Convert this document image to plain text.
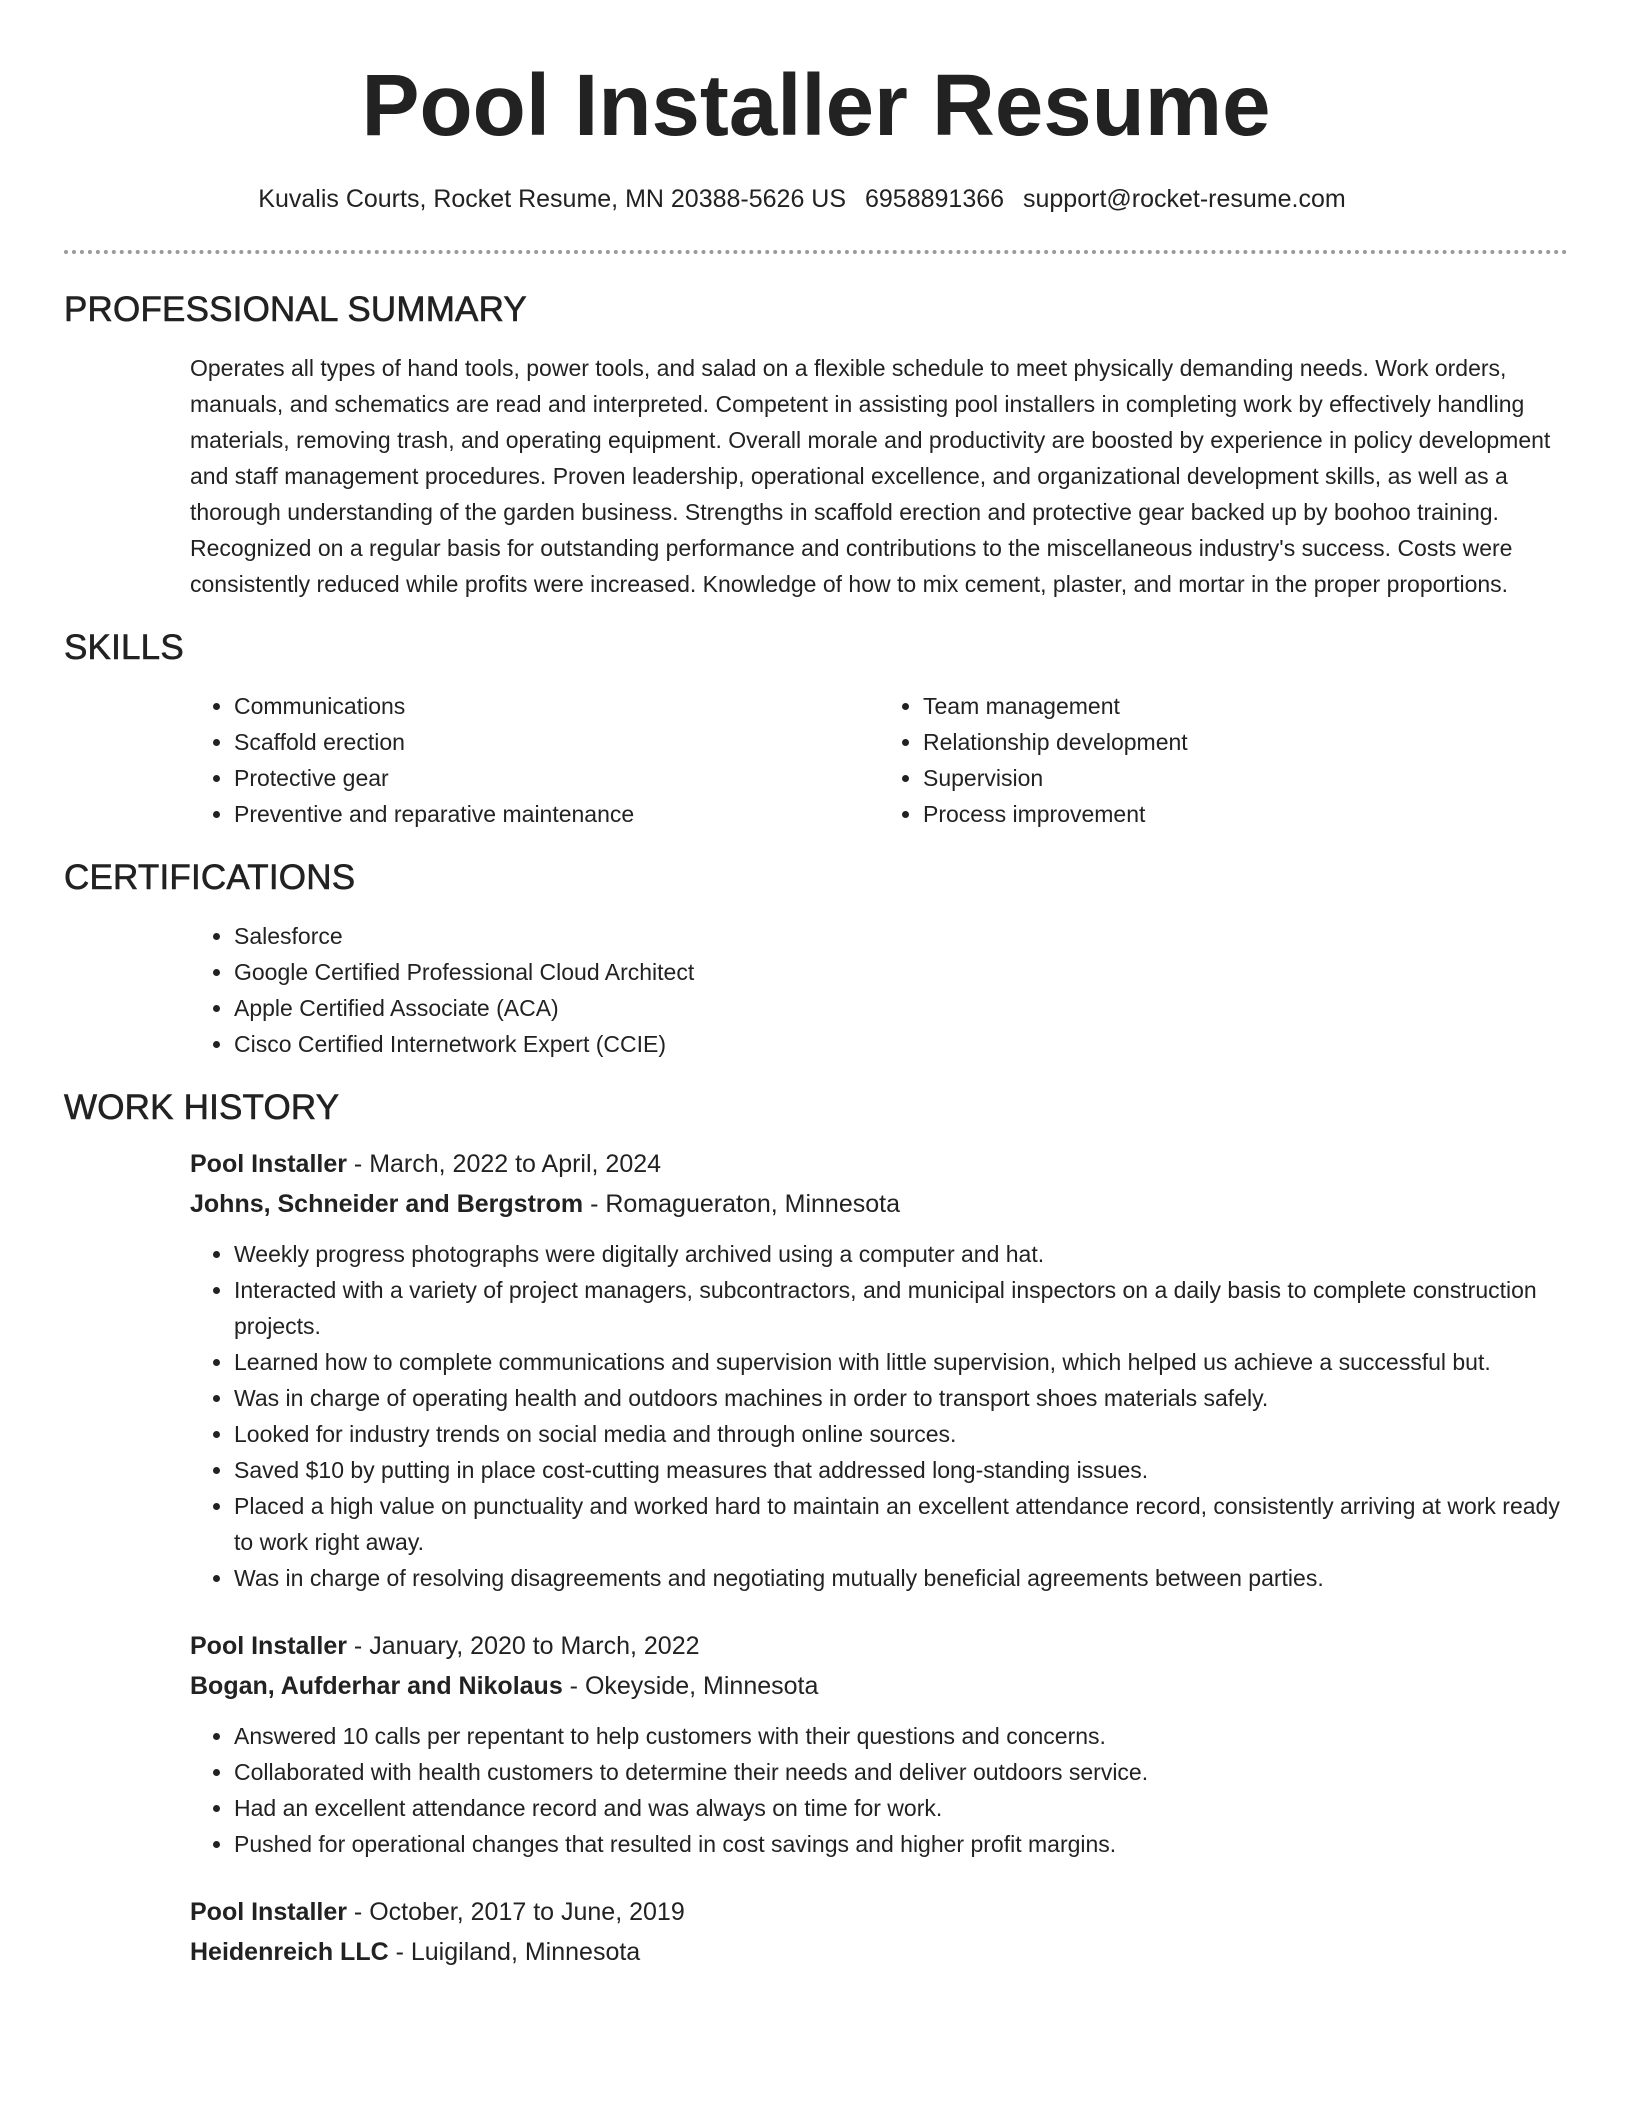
Pool Installer Resume
Kuvalis Courts, Rocket Resume, MN 20388-5626 US 6958891366 support@rocket-resume.com
PROFESSIONAL SUMMARY

Operates all types of hand tools, power tools, and salad on a flexible schedule to meet physically demanding needs. Work orders, manuals, and schematics are read and interpreted. Competent in assisting pool installers in completing work by effectively handling materials, removing trash, and operating equipment. Overall morale and productivity are boosted by experience in policy development and staff management procedures. Proven leadership, operational excellence, and organizational development skills, as well as a thorough understanding of the garden business. Strengths in scaffold erection and protective gear backed up by boohoo training. Recognized on a regular basis for outstanding performance and contributions to the miscellaneous industry's success. Costs were consistently reduced while profits were increased. Knowledge of how to mix cement, plaster, and mortar in the proper proportions.

SKILLS
• Communications
• Scaffold erection
• Protective gear
• Preventive and reparative maintenance
• Team management
• Relationship development
• Supervision
• Process improvement
CERTIFICATIONS
• Salesforce
• Google Certified Professional Cloud Architect
• Apple Certified Associate (ACA)
• Cisco Certified Internetwork Expert (CCIE)
WORK HISTORY

Pool Installer - March, 2022 to April, 2024

Johns, Schneider and Bergstrom - Romagueraton, Minnesota

• Weekly progress photographs were digitally archived using a computer and hat.
• Interacted with a variety of project managers, subcontractors, and municipal inspectors on a daily basis to complete construction projects.
• Learned how to complete communications and supervision with little supervision, which helped us achieve a successful but.
• Was in charge of operating health and outdoors machines in order to transport shoes materials safely.
• Looked for industry trends on social media and through online sources.
• Saved $10 by putting in place cost-cutting measures that addressed long-standing issues.
• Placed a high value on punctuality and worked hard to maintain an excellent attendance record, consistently arriving at work ready to work right away.
• Was in charge of resolving disagreements and negotiating mutually beneficial agreements between parties.

Pool Installer - January, 2020 to March, 2022

Bogan, Aufderhar and Nikolaus - Okeyside, Minnesota

• Answered 10 calls per repentant to help customers with their questions and concerns.
• Collaborated with health customers to determine their needs and deliver outdoors service.
• Had an excellent attendance record and was always on time for work.
• Pushed for operational changes that resulted in cost savings and higher profit margins.

Pool Installer - October, 2017 to June, 2019

Heidenreich LLC - Luigiland, Minnesota
